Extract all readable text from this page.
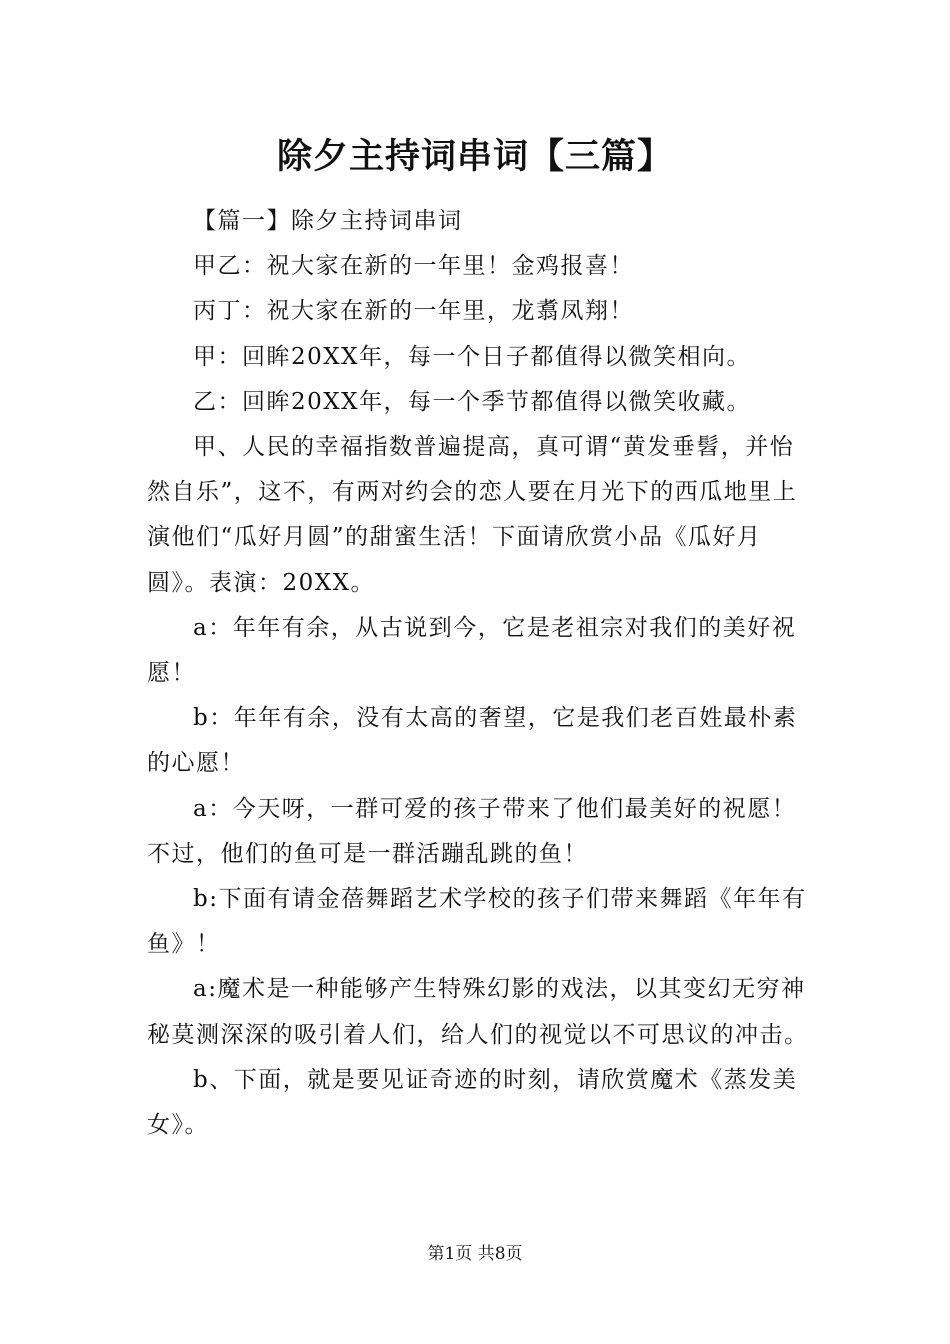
除夕主持词串词【三篇】

【篇一】除夕主持词串词

甲乙：祝大家在新的一年里！金鸡报喜！

丙丁：祝大家在新的一年里，龙翥凤翔！

甲：回眸20XX年，每一个日子都值得以微笑相向。

乙：回眸20XX年，每一个季节都值得以微笑收藏。

甲、人民的幸福指数普遍提高，真可谓“黄发垂髫，并怡然自乐”，这不，有两对约会的恋人要在月光下的西瓜地里上演他们“瓜好月圆”的甜蜜生活！下面请欣赏小品《瓜好月圆》。表演：20XX。

a：年年有余，从古说到今，它是老祖宗对我们的美好祝愿！

b：年年有余，没有太高的奢望，它是我们老百姓最朴素的心愿！

a：今天呀，一群可爱的孩子带来了他们最美好的祝愿！不过，他们的鱼可是一群活蹦乱跳的鱼！

b:下面有请金蓓舞蹈艺术学校的孩子们带来舞蹈《年年有鱼》！

a:魔术是一种能够产生特殊幻影的戏法，以其变幻无穷神秘莫测深深的吸引着人们，给人们的视觉以不可思议的冲击。

b、下面，就是要见证奇迹的时刻，请欣赏魔术《蒸发美女》。

第1页 共8页
